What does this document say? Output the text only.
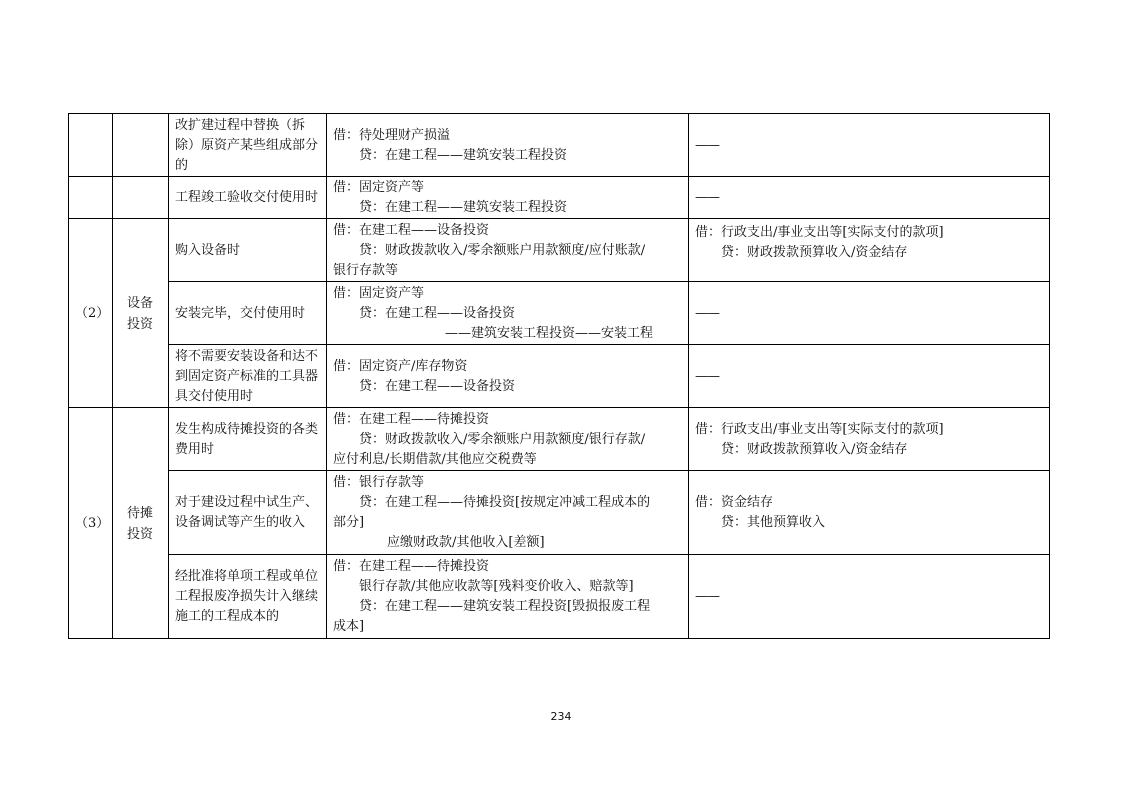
		改扩建过程中替换（拆除）原资产某些组成部分的	借：待处理财产损溢
贷：在建工程——建筑安装工程投资	——
		工程竣工验收交付使用时	借：固定资产等
贷：在建工程——建筑安装工程投资	——
（2）	设备投资	购入设备时	借：在建工程——设备投资
贷：财政拨款收入/零余额账户用款额度/应付账款/
银行存款等	借：行政支出/事业支出等[实际支付的款项]
贷：财政拨款预算收入/资金结存

		安装完毕，交付使用时	借：固定资产等
贷：在建工程——设备投资
——建筑安装工程投资——安装工程	——
		将不需要安装设备和达不到固定资产标准的工具器具交付使用时	借：固定资产/库存物资
贷：在建工程——设备投资	——
（3）	待摊投资	发生构成待摊投资的各类费用时	借：在建工程——待摊投资
贷：财政拨款收入/零余额账户用款额度/银行存款/
应付利息/长期借款/其他应交税费等	借：行政支出/事业支出等[实际支付的款项]
贷：财政拨款预算收入/资金结存

		对于建设过程中试生产、设备调试等产生的收入	借：银行存款等
贷：在建工程——待摊投资[按规定冲减工程成本的
部分]
应缴财政款/其他收入[差额]	借：资金结存
贷：其他预算收入

		经批准将单项工程或单位工程报废净损失计入继续施工的工程成本的	借：在建工程——待摊投资
银行存款/其他应收款等[残料变价收入、赔款等]
贷：在建工程——建筑安装工程投资[毁损报废工程
成本]	——
234
